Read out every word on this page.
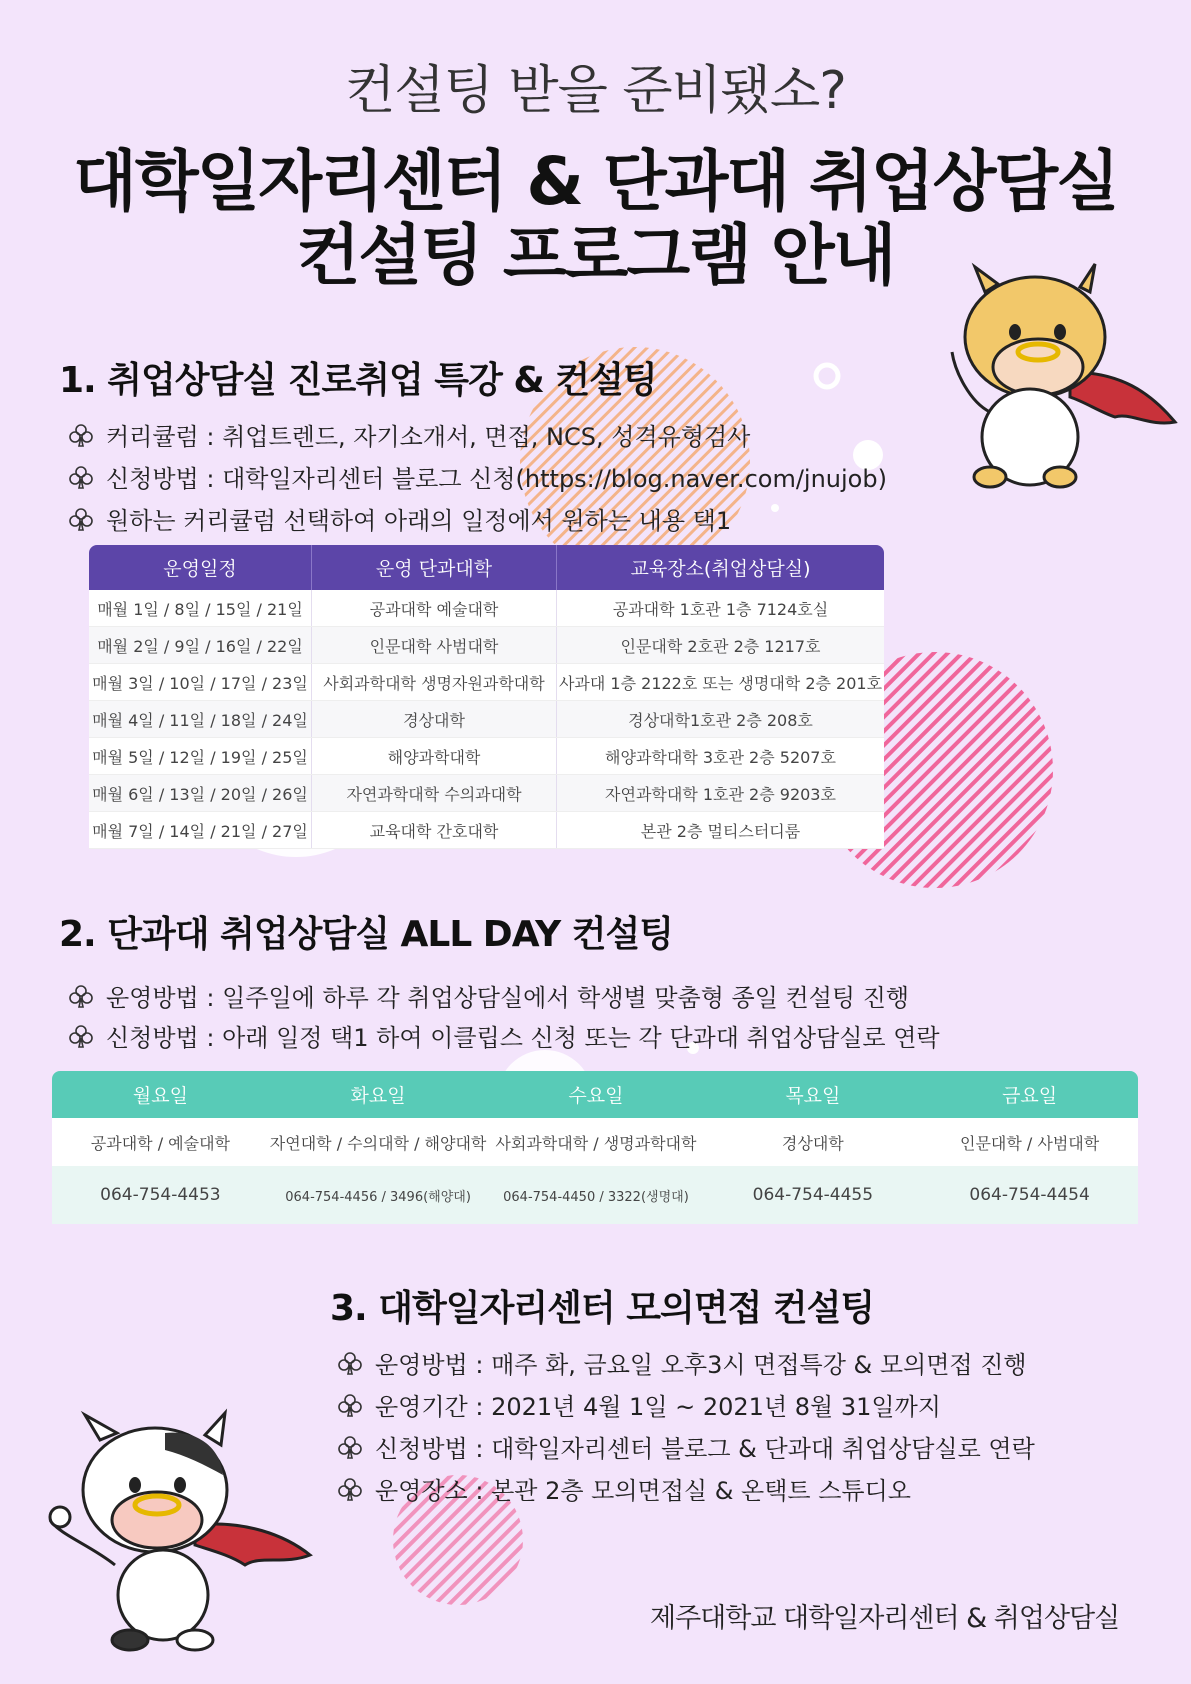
컨설팅 받을 준비됐소?
대학일자리센터 & 단과대 취업상담실
컨설팅 프로그램 안내
1. 취업상담실 진로취업 특강 & 컨설팅
커리큘럼 : 취업트렌드, 자기소개서, 면접, NCS, 성격유형검사
신청방법 : 대학일자리센터 블로그 신청(https://blog.naver.com/jnujob)
원하는 커리큘럼 선택하여 아래의 일정에서 원하는 내용 택1
운영일정	운영 단과대학	교육장소(취업상담실)
매월 1일 / 8일 / 15일 / 21일	공과대학 예술대학	공과대학 1호관 1층 7124호실
매월 2일 / 9일 / 16일 / 22일	인문대학 사범대학	인문대학 2호관 2층 1217호
매월 3일 / 10일 / 17일 / 23일	사회과학대학 생명자원과학대학	사과대 1층 2122호 또는 생명대학 2층 201호
매월 4일 / 11일 / 18일 / 24일	경상대학	경상대학1호관 2층 208호
매월 5일 / 12일 / 19일 / 25일	해양과학대학	해양과학대학 3호관 2층 5207호
매월 6일 / 13일 / 20일 / 26일	자연과학대학 수의과대학	자연과학대학 1호관 2층 9203호
매월 7일 / 14일 / 21일 / 27일	교육대학 간호대학	본관 2층 멀티스터디룸
2. 단과대 취업상담실 ALL DAY 컨설팅
운영방법 : 일주일에 하루 각 취업상담실에서 학생별 맞춤형 종일 컨설팅 진행
신청방법 : 아래 일정 택1 하여 이클립스 신청 또는 각 단과대 취업상담실로 연락
월요일	화요일	수요일	목요일	금요일
공과대학 / 예술대학	자연대학 / 수의대학 / 해양대학	사회과학대학 / 생명과학대학	경상대학	인문대학 / 사범대학
064-754-4453	064-754-4456 / 3496(해양대)	064-754-4450 / 3322(생명대)	064-754-4455	064-754-4454
3. 대학일자리센터 모의면접 컨설팅
운영방법 : 매주 화, 금요일 오후3시 면접특강 & 모의면접 진행
운영기간 : 2021년 4월 1일 ~ 2021년 8월 31일까지
신청방법 : 대학일자리센터 블로그 & 단과대 취업상담실로 연락
운영장소 : 본관 2층 모의면접실 & 온택트 스튜디오
제주대학교 대학일자리센터 & 취업상담실
